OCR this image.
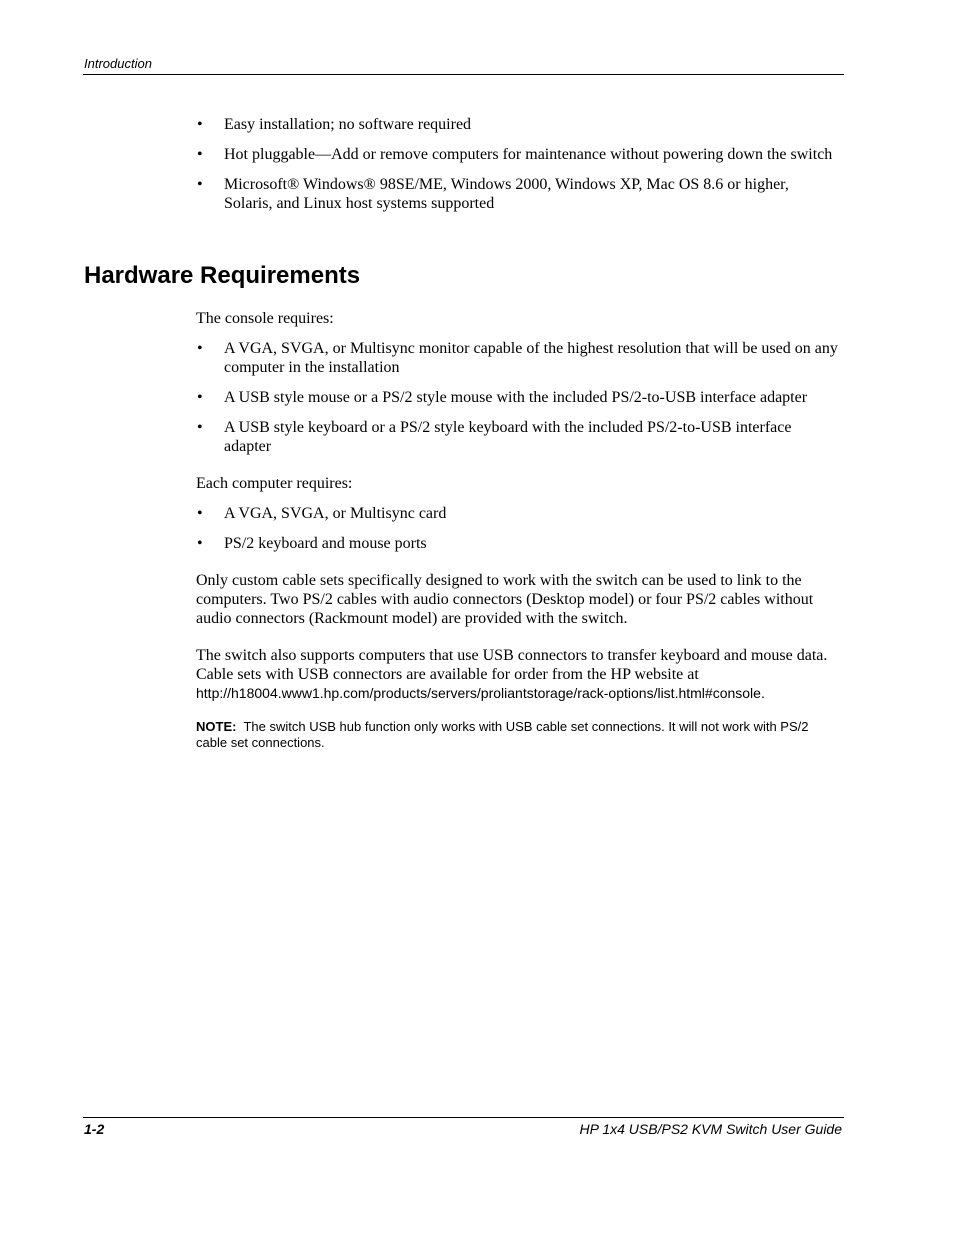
Introduction
• Easy installation; no software required
• Hot pluggable—Add or remove computers for maintenance without powering down the switch
• Microsoft® Windows® 98SE/ME, Windows 2000, Windows XP, Mac OS 8.6 or higher, Solaris, and Linux host systems supported
Hardware Requirements

The console requires:

• A VGA, SVGA, or Multisync monitor capable of the highest resolution that will be used on any computer in the installation
• A USB style mouse or a PS/2 style mouse with the included PS/2-to-USB interface adapter
• A USB style keyboard or a PS/2 style keyboard with the included PS/2-to-USB interface adapter

Each computer requires:

• A VGA, SVGA, or Multisync card
• PS/2 keyboard and mouse ports

Only custom cable sets specifically designed to work with the switch can be used to link to the computers. Two PS/2 cables with audio connectors (Desktop model) or four PS/2 cables without audio connectors (Rackmount model) are provided with the switch.

The switch also supports computers that use USB connectors to transfer keyboard and mouse data. Cable sets with USB connectors are available for order from the HP website at
http://h18004.www1.hp.com/products/servers/proliantstorage/rack-options/list.html#console.

NOTE: The switch USB hub function only works with USB cable set connections. It will not work with PS/2 cable set connections.

1-2	HP 1x4 USB/PS2 KVM Switch User Guide
